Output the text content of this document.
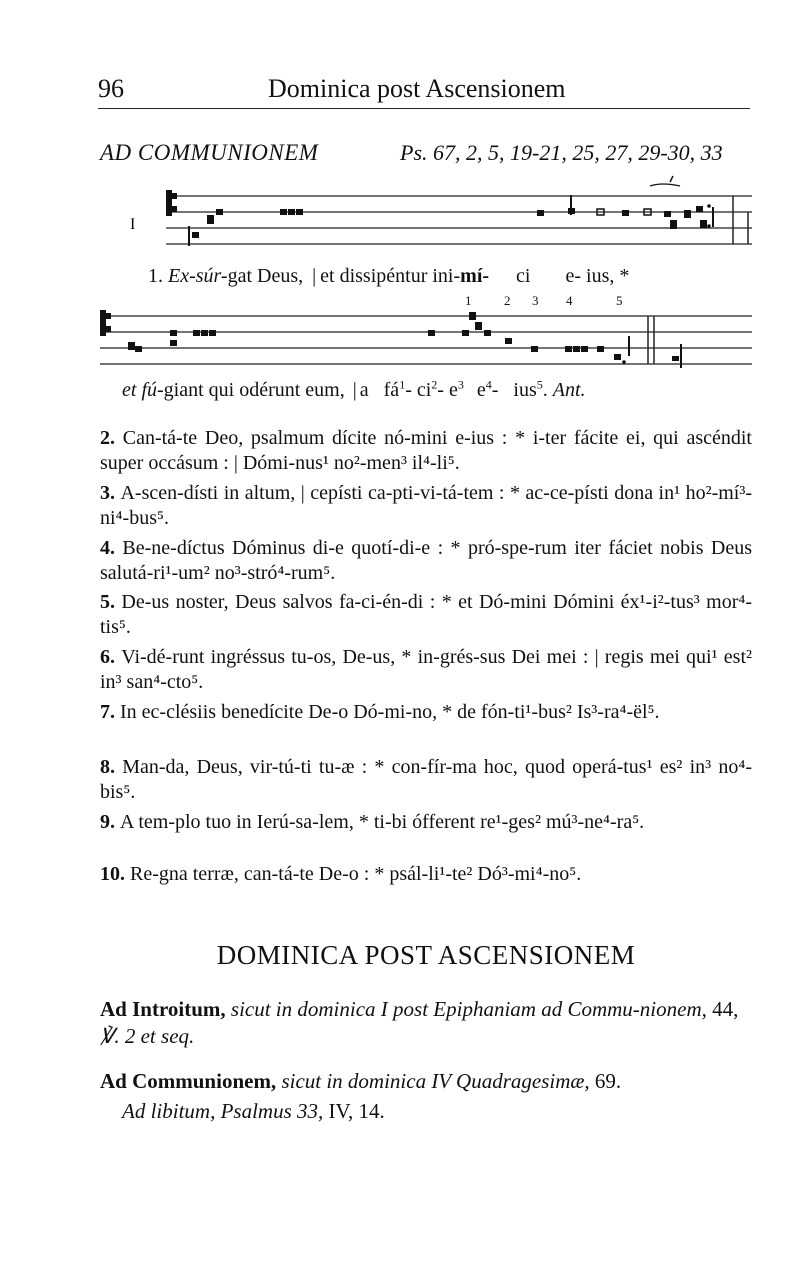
96	Dominica post Ascensionem
AD COMMUNIONEM	Ps. 67, 2, 5, 19-21, 25, 27, 29-30, 33
I
1. Ex-súr-gat Deus, | et dissipéntur ini-mí- ci e- ius, *
1	2 3 4	5
et fú-giant qui odérunt eum, | a $fá^1-$ $ci^2-$ $e^3$ $e^4-$ ius$^5$. Ant.
2. Can-tá-te Deo, psalmum dícite nó-mini e-ius : * i-ter fácite ei, qui ascéndit super occásum : | Dómi-nus¹ no²-men³ il⁴-li⁵.
3. A-scen-dísti in altum, | cepísti ca-pti-vi-tá-tem : * ac-ce-písti dona in¹ ho²-mí³-ni⁴-bus⁵.
4. Be-ne-díctus Dóminus di-e quotí-di-e : * pró-spe-rum iter fáciet nobis Deus salutá-ri¹-um² no³-stró⁴-rum⁵.
5. De-us noster, Deus salvos fa-ci-én-di : * et Dó-mini Dómini éx¹-i²-tus³ mor⁴-tis⁵.
6. Vi-dé-runt ingréssus tu-os, De-us, * in-grés-sus Dei mei : | regis mei qui¹ est² in³ san⁴-cto⁵.
7. In ec-clésiis benedícite De-o Dó-mi-no, * de fón-ti¹-bus² Is³-ra⁴-ël⁵.
8. Man-da, Deus, vir-tú-ti tu-æ : * con-fír-ma hoc, quod operá-tus¹ es² in³ no⁴-bis⁵.
9. A tem-plo tuo in Ierú-sa-lem, * ti-bi ófferent re¹-ges² mú³-ne⁴-ra⁵.
10. Re-gna terræ, can-tá-te De-o : * psál-li¹-te² Dó³-mi⁴-no⁵.
DOMINICA POST ASCENSIONEM
Ad Introitum, sicut in dominica I post Epiphaniam ad Commu-nionem, 44, ℣. 2 et seq.
Ad Communionem, sicut in dominica IV Quadragesimæ, 69.
Ad libitum, Psalmus 33, IV, 14.
